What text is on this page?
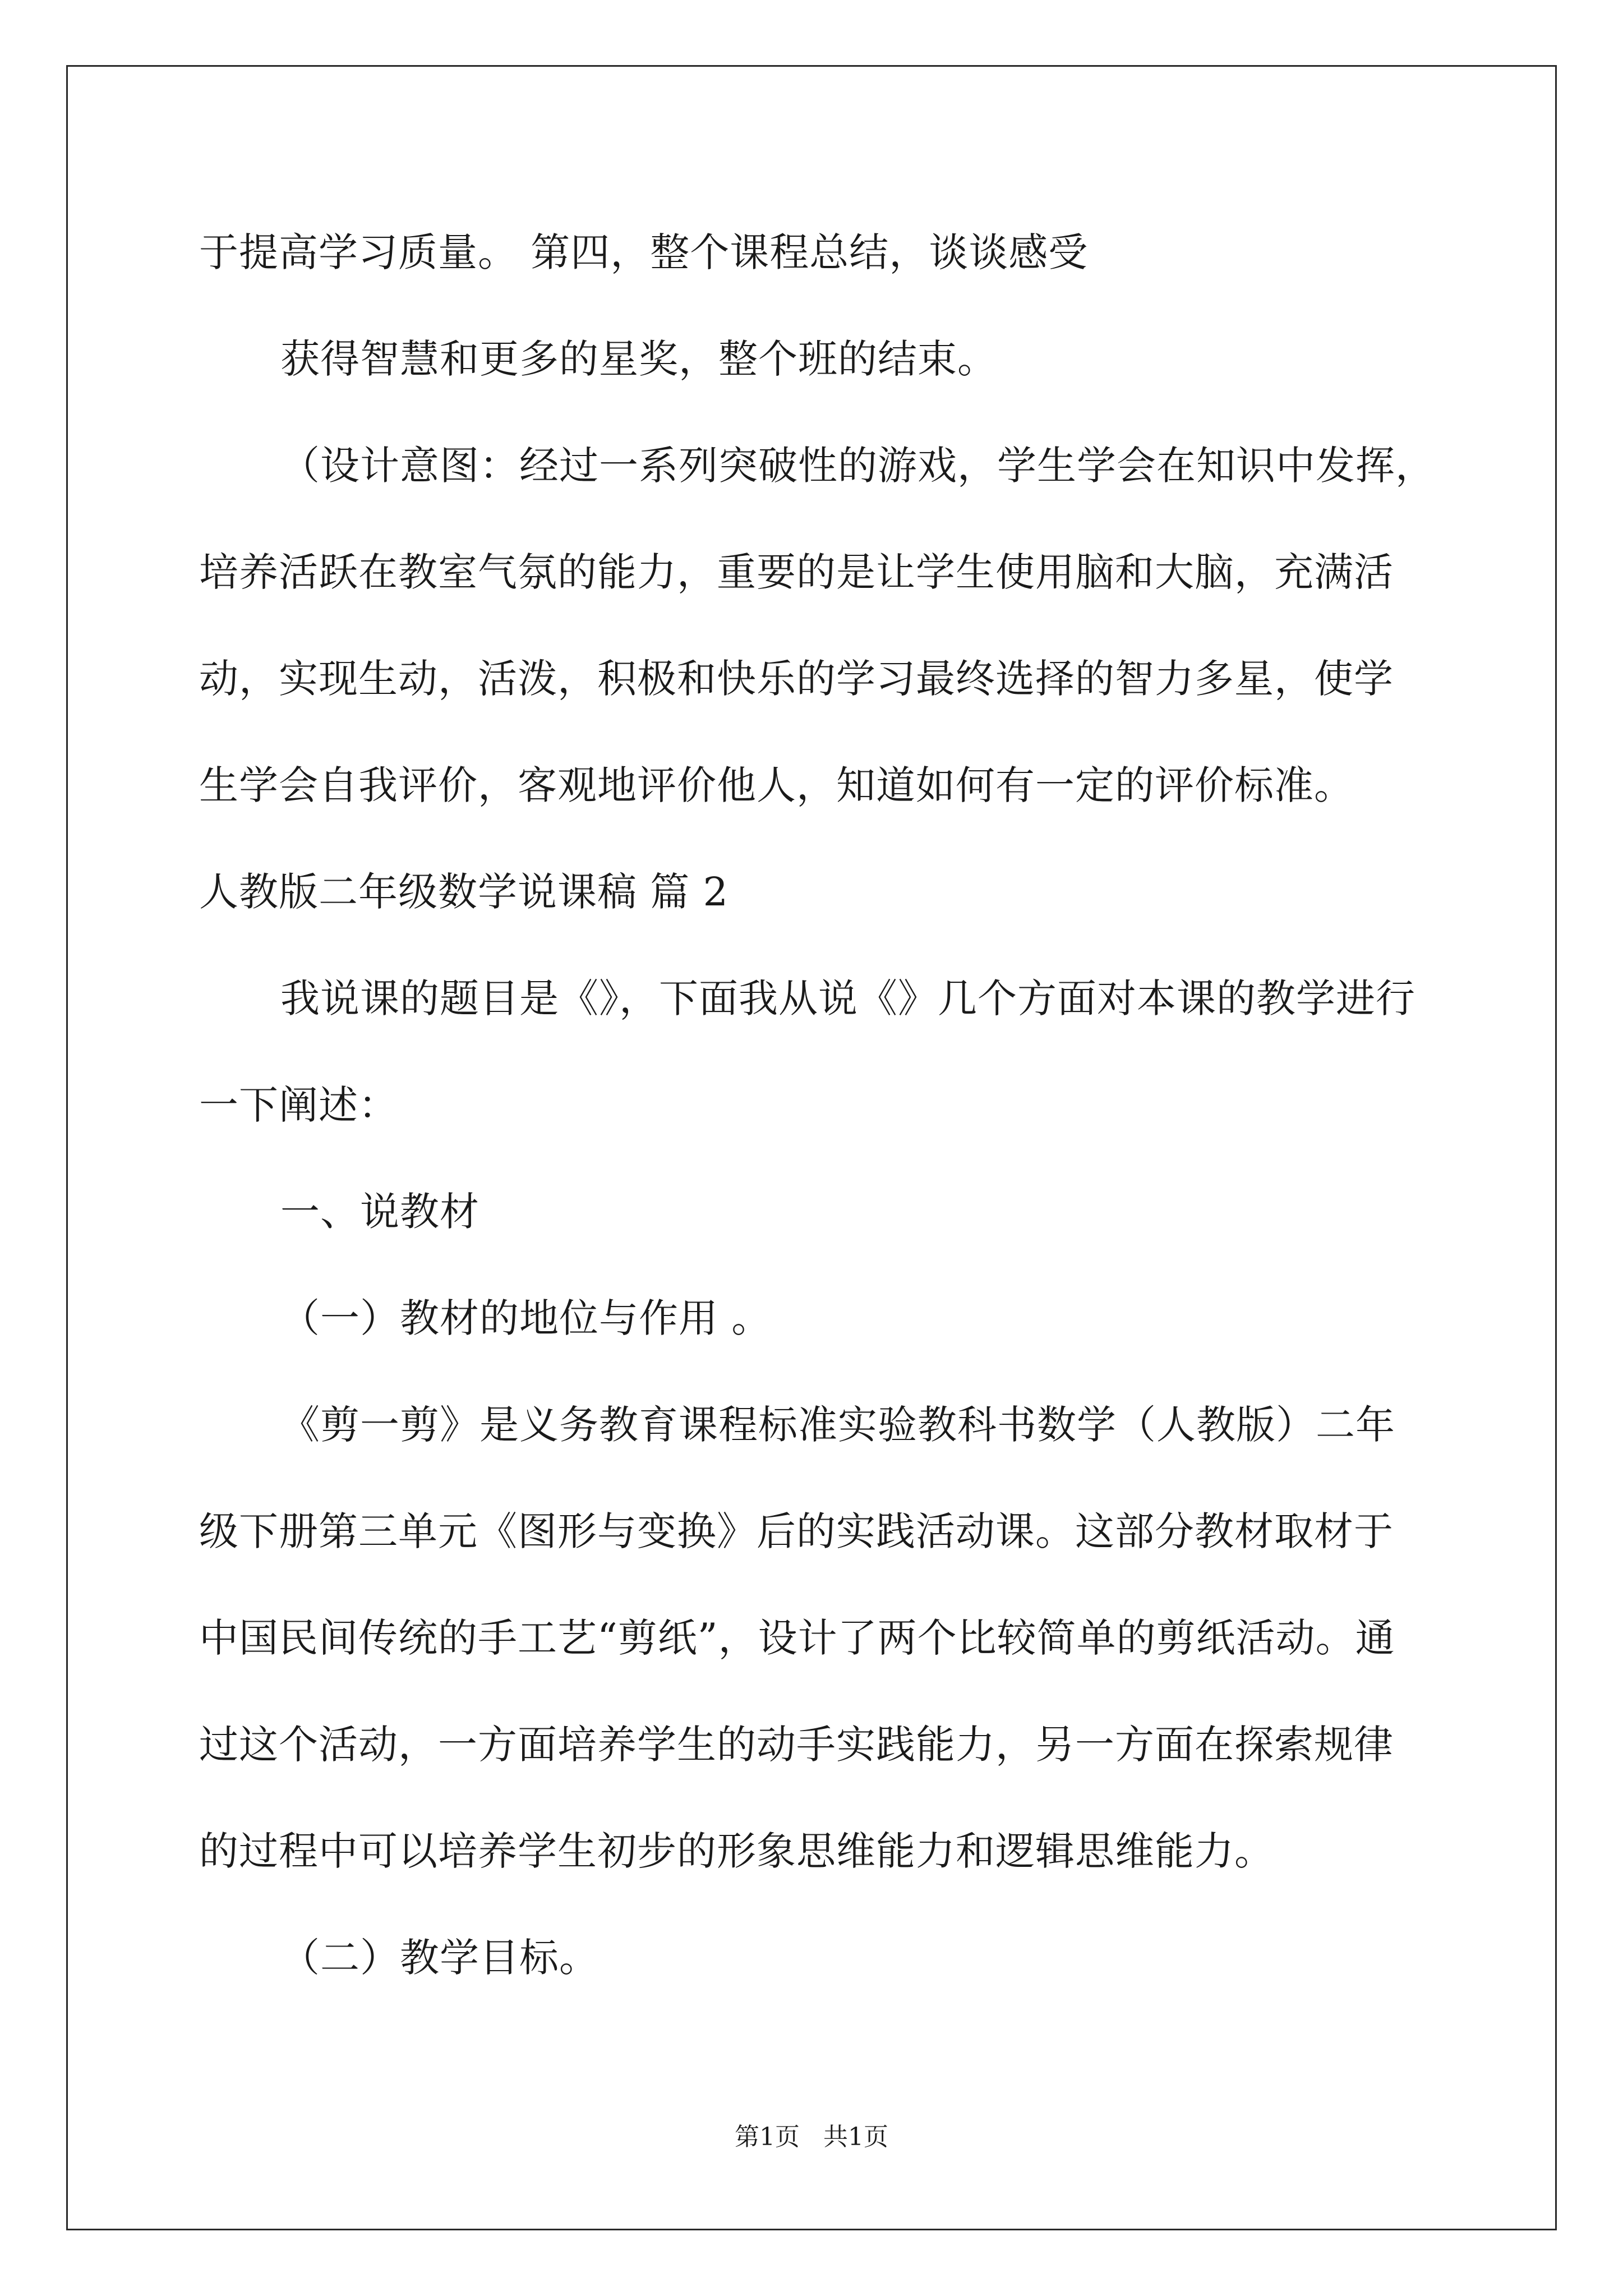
于提高学习质量。 第四，整个课程总结，谈谈感受
获得智慧和更多的星奖，整个班的结束。
（设计意图：经过一系列突破性的游戏，学生学会在知识中发挥，
培养活跃在教室气氛的能力，重要的是让学生使用脑和大脑，充满活
动，实现生动，活泼，积极和快乐的学习最终选择的智力多星，使学
生学会自我评价，客观地评价他人，知道如何有一定的评价标准。
人教版二年级数学说课稿 篇 2
我说课的题目是《》，下面我从说《》几个方面对本课的教学进行
一下阐述：
一、说教材
（一）教材的地位与作用 。
《剪一剪》是义务教育课程标准实验教科书数学（人教版）二年
级下册第三单元《图形与变换》后的实践活动课。这部分教材取材于
中国民间传统的手工艺“剪纸”，设计了两个比较简单的剪纸活动。通
过这个活动，一方面培养学生的动手实践能力，另一方面在探索规律
的过程中可以培养学生初步的形象思维能力和逻辑思维能力。
（二）教学目标。
第1页   共1页
